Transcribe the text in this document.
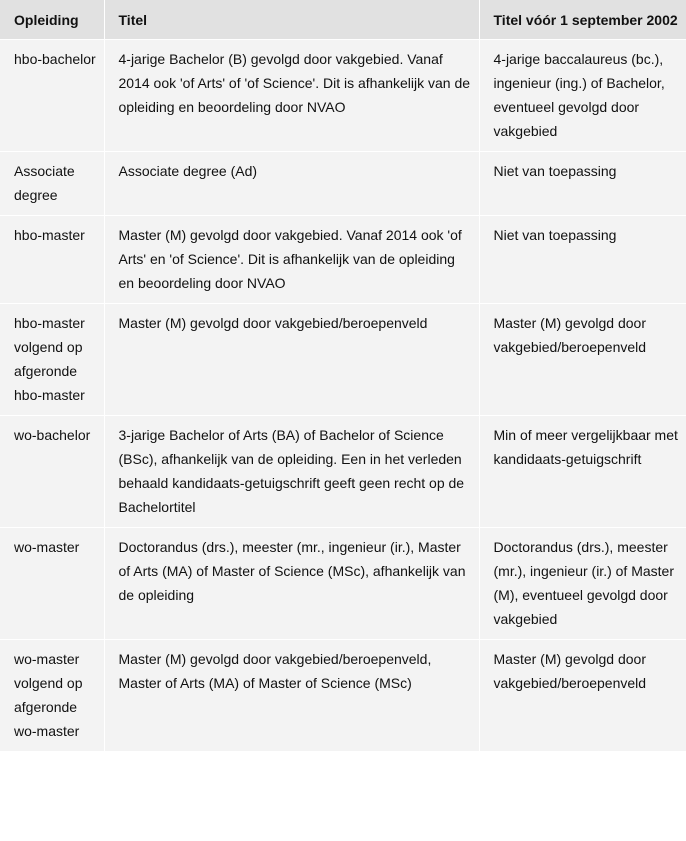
Opleiding	Titel	Titel vóór 1 september 2002
hbo-bachelor	4-jarige Bachelor (B) gevolgd door vakgebied. Vanaf 2014 ook 'of Arts' of 'of Science'. Dit is afhankelijk van de opleiding en beoordeling door NVAO	4-jarige baccalaureus (bc.), ingenieur (ing.) of Bachelor, eventueel gevolgd door vakgebied
Associate degree	Associate degree (Ad)	Niet van toepassing
hbo-master	Master (M) gevolgd door vakgebied. Vanaf 2014 ook 'of Arts' en 'of Science'. Dit is afhankelijk van de opleiding en beoordeling door NVAO	Niet van toepassing
hbo-master volgend op afgeronde hbo-master	Master (M) gevolgd door vakgebied/beroepenveld	Master (M) gevolgd door vakgebied/beroepenveld
wo-bachelor	3-jarige Bachelor of Arts (BA) of Bachelor of Science (BSc), afhankelijk van de opleiding. Een in het verleden behaald kandidaats-getuigschrift geeft geen recht op de Bachelortitel	Min of meer vergelijkbaar met kandidaats-getuigschrift
wo-master	Doctorandus (drs.), meester (mr., ingenieur (ir.), Master of Arts (MA) of Master of Science (MSc), afhankelijk van de opleiding	Doctorandus (drs.), meester (mr.), ingenieur (ir.) of Master (M), eventueel gevolgd door vakgebied
wo-master volgend op afgeronde wo-master	Master (M) gevolgd door vakgebied/beroepenveld, Master of Arts (MA) of Master of Science (MSc)	Master (M) gevolgd door vakgebied/beroepenveld
